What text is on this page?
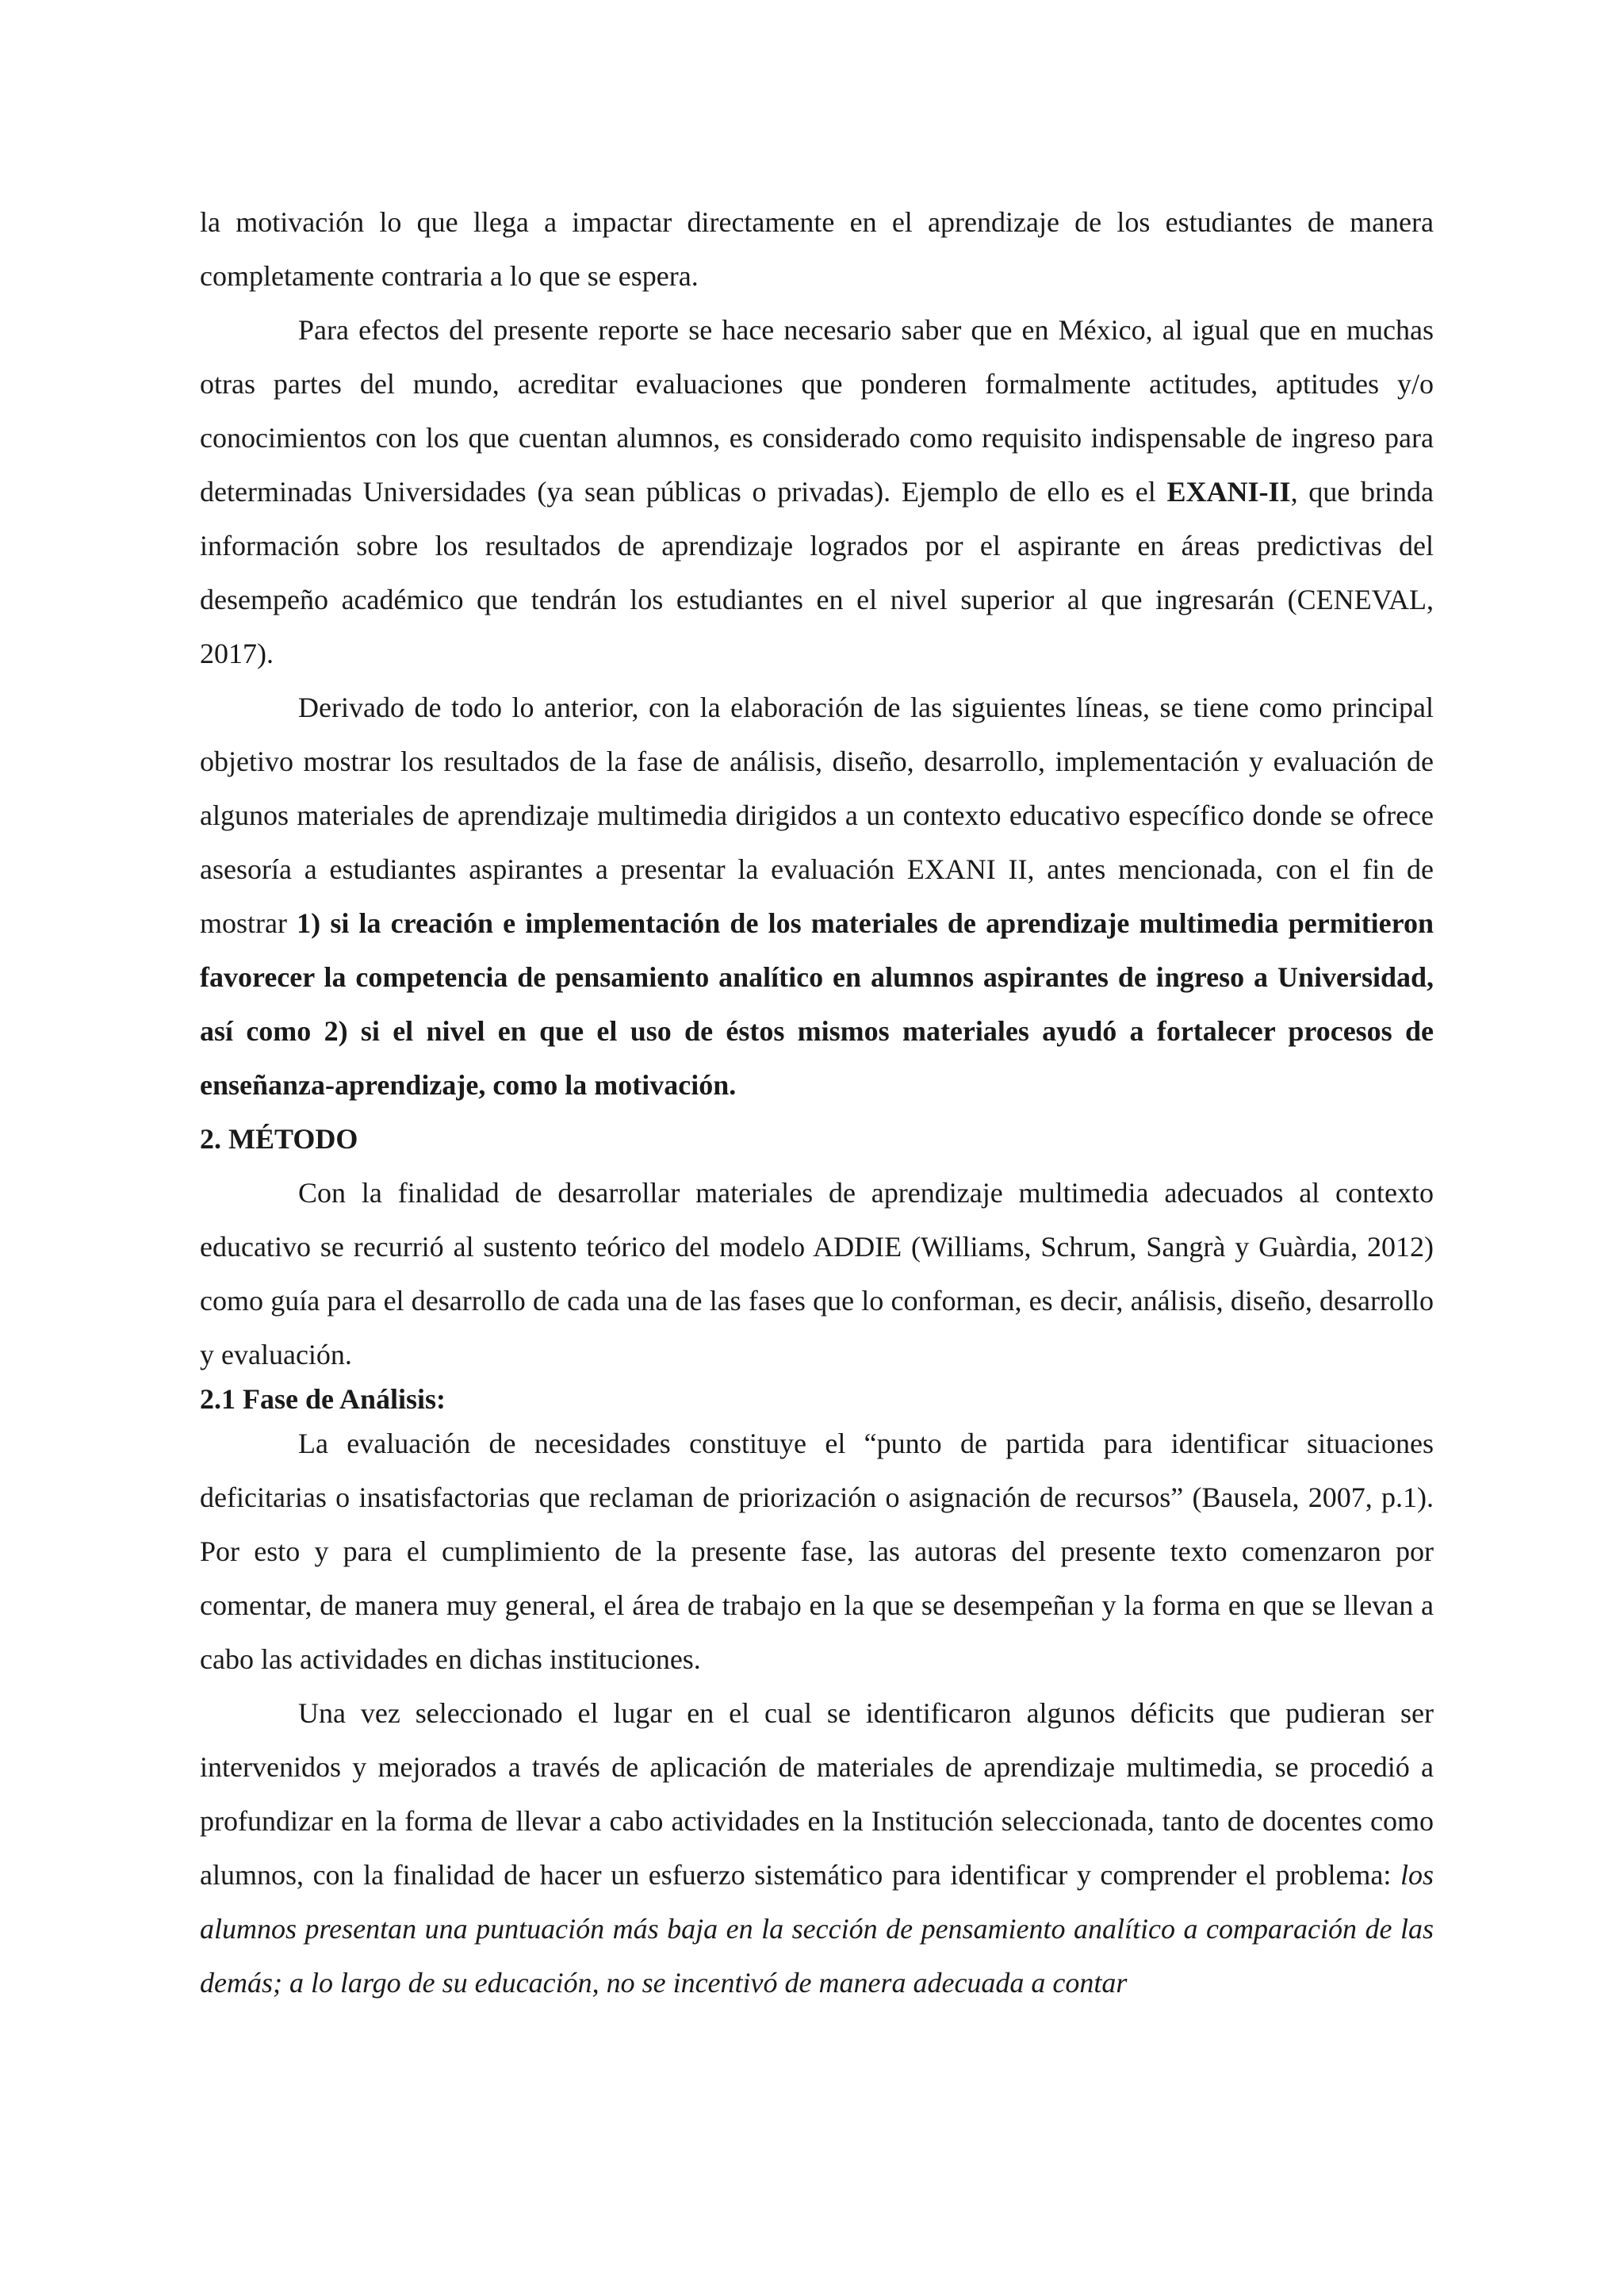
la motivación lo que llega a impactar directamente en el aprendizaje de los estudiantes de manera completamente contraria a lo que se espera.

Para efectos del presente reporte se hace necesario saber que en México, al igual que en muchas otras partes del mundo, acreditar evaluaciones que ponderen formalmente actitudes, aptitudes y/o conocimientos con los que cuentan alumnos, es considerado como requisito indispensable de ingreso para determinadas Universidades (ya sean públicas o privadas). Ejemplo de ello es el EXANI-II, que brinda información sobre los resultados de aprendizaje logrados por el aspirante en áreas predictivas del desempeño académico que tendrán los estudiantes en el nivel superior al que ingresarán (CENEVAL, 2017).

Derivado de todo lo anterior, con la elaboración de las siguientes líneas, se tiene como principal objetivo mostrar los resultados de la fase de análisis, diseño, desarrollo, implementación y evaluación de algunos materiales de aprendizaje multimedia dirigidos a un contexto educativo específico donde se ofrece asesoría a estudiantes aspirantes a presentar la evaluación EXANI II, antes mencionada, con el fin de mostrar 1) si la creación e implementación de los materiales de aprendizaje multimedia permitieron favorecer la competencia de pensamiento analítico en alumnos aspirantes de ingreso a Universidad, así como 2) si el nivel en que el uso de éstos mismos materiales ayudó a fortalecer procesos de enseñanza-aprendizaje, como la motivación.

2. MÉTODO

Con la finalidad de desarrollar materiales de aprendizaje multimedia adecuados al contexto educativo se recurrió al sustento teórico del modelo ADDIE (Williams, Schrum, Sangrà y Guàrdia, 2012) como guía para el desarrollo de cada una de las fases que lo conforman, es decir, análisis, diseño, desarrollo y evaluación.

2.1 Fase de Análisis:

La evaluación de necesidades constituye el “punto de partida para identificar situaciones deficitarias o insatisfactorias que reclaman de priorización o asignación de recursos” (Bausela, 2007, p.1). Por esto y para el cumplimiento de la presente fase, las autoras del presente texto comenzaron por comentar, de manera muy general, el área de trabajo en la que se desempeñan y la forma en que se llevan a cabo las actividades en dichas instituciones.

Una vez seleccionado el lugar en el cual se identificaron algunos déficits que pudieran ser intervenidos y mejorados a través de aplicación de materiales de aprendizaje multimedia, se procedió a profundizar en la forma de llevar a cabo actividades en la Institución seleccionada, tanto de docentes como alumnos, con la finalidad de hacer un esfuerzo sistemático para identificar y comprender el problema: los alumnos presentan una puntuación más baja en la sección de pensamiento analítico a comparación de las demás; a lo largo de su educación, no se incentivó de manera adecuada a contar
